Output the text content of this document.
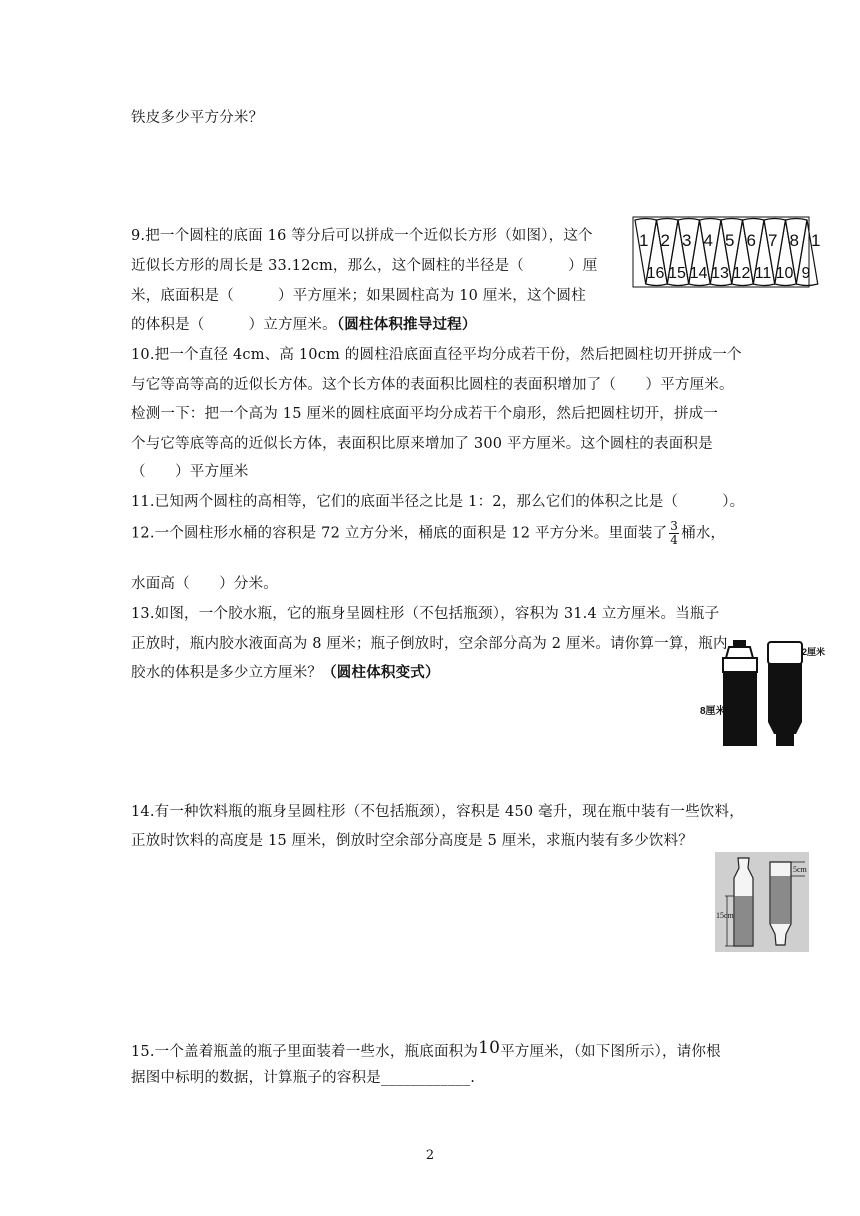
铁皮多少平方分米？
9.把一个圆柱的底面 16 等分后可以拼成一个近似长方形（如图），这个
近似长方形的周长是 33.12cm，那么，这个圆柱的半径是（　　　）厘
米，底面积是（　　　）平方厘米；如果圆柱高为 10 厘米，这个圆柱
的体积是（　　　）立方厘米。（圆柱体积推导过程）
1 2 3 4 5 6 7 8 1
16 15 14 13 12 11 10 9
10.把一个直径 4cm、高 10cm 的圆柱沿底面直径平均分成若干份，然后把圆柱切开拼成一个
与它等高等高的近似长方体。这个长方体的表面积比圆柱的表面积增加了（　　）平方厘米。
检测一下：把一个高为 15 厘米的圆柱底面平均分成若干个扇形，然后把圆柱切开，拼成一
个与它等底等高的近似长方体，表面积比原来增加了 300 平方厘米。这个圆柱的表面积是
（　　）平方厘米
11.已知两个圆柱的高相等，它们的底面半径之比是 1：2，那么它们的体积之比是（　　　）。
12.一个圆柱形水桶的容积是 72 立方分米，桶底的面积是 12 平方分米。里面装了 $\frac{3}{4}$ 桶水，
水面高（　　）分米。
13.如图，一个胶水瓶，它的瓶身呈圆柱形（不包括瓶颈），容积为 31.4 立方厘米。当瓶子
正放时，瓶内胶水液面高为 8 厘米；瓶子倒放时，空余部分高为 2 厘米。请你算一算，瓶内
胶水的体积是多少立方厘米？（圆柱体积变式）
8厘米
2厘米
14.有一种饮料瓶的瓶身呈圆柱形（不包括瓶颈），容积是 450 毫升，现在瓶中装有一些饮料，
正放时饮料的高度是 15 厘米，倒放时空余部分高度是 5 厘米，求瓶内装有多少饮料？
15cm
5cm
15.一个盖着瓶盖的瓶子里面装着一些水，瓶底面积为10平方厘米，（如下图所示），请你根
据图中标明的数据，计算瓶子的容积是____________.
2
